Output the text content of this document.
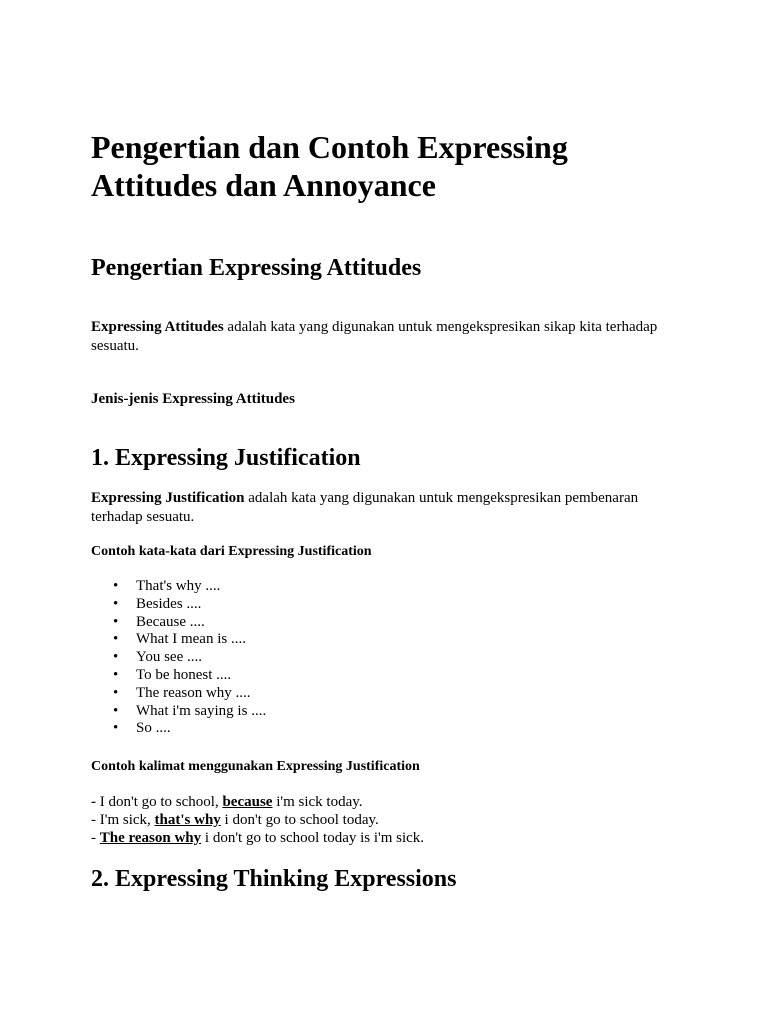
Pengertian dan Contoh Expressing Attitudes dan Annoyance
Pengertian Expressing Attitudes

Expressing Attitudes adalah kata yang digunakan untuk mengekspresikan sikap kita terhadap sesuatu.

Jenis-jenis Expressing Attitudes
1. Expressing Justification

Expressing Justification adalah kata yang digunakan untuk mengekspresikan pembenaran terhadap sesuatu.

Contoh kata-kata dari Expressing Justification
• That's why ....
• Besides ....
• Because ....
• What I mean is ....
• You see ....
• To be honest ....
• The reason why ....
• What i'm saying is ....
• So ....
Contoh kalimat menggunakan Expressing Justification
- I don't go to school, because i'm sick today.
- I'm sick, that's why i don't go to school today.
- The reason why i don't go to school today is i'm sick.
2. Expressing Thinking Expressions
